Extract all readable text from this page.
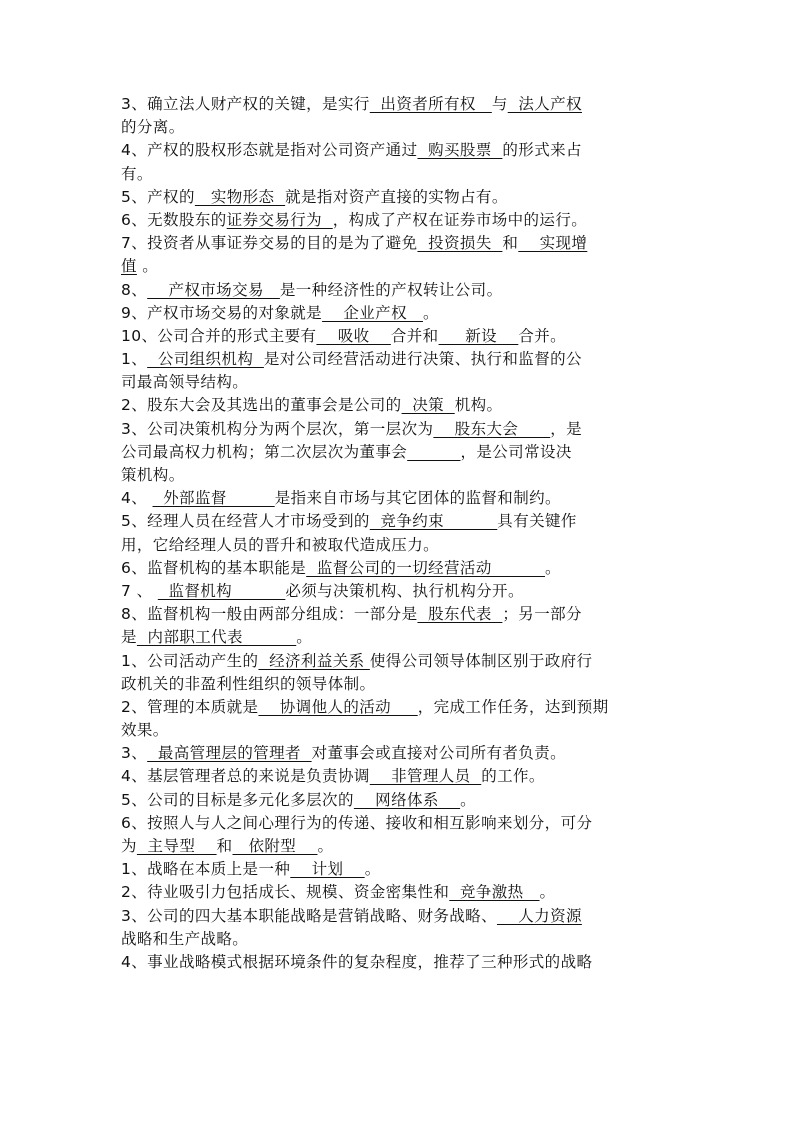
3、确立法人财产权的关键，是实行  出资者所有权   与  法人产权
的分离。
4、产权的股权形态就是指对公司资产通过  购买股票  的形式来占
有。
5、产权的   实物形态  就是指对资产直接的实物占有。
6、无数股东的证券交易行为  ，构成了产权在证券市场中的运行。
7、投资者从事证券交易的目的是为了避免  投资损失  和    实现增
值 。
8、    产权市场交易   是一种经济性的产权转让公司。
9、产权市场交易的对象就是    企业产权   。
10、公司合并的形式主要有    吸收    合并和     新设    合并。
1、  公司组织机构  是对公司经营活动进行决策、执行和监督的公
司最高领导结构。
2、股东大会及其选出的董事会是公司的  决策  机构。
3、公司决策机构分为两个层次，第一层次为    股东大会      ，是
公司最高权力机构；第二次层次为董事会	，是公司常设决
策机构。
4、   外部监督         是指来自市场与其它团体的监督和制约。
5、经理人员在经营人才市场受到的  竞争约束          具有关键作
用，它给经理人员的晋升和被取代造成压力。
6、监督机构的基本职能是  监督公司的一切经营活动          。
7 、   监督机构          必须与决策机构、执行机构分开。
8、监督机构一般由两部分组成：一部分是  股东代表  ；另一部分
是  内部职工代表          。
1、公司活动产生的  经济利益关系 使得公司领导体制区别于政府行
政机关的非盈利性组织的领导体制。
2、管理的本质就是    协调他人的活动     ，完成工作任务，达到预期
效果。
3、  最高管理层的管理者  对董事会或直接对公司所有者负责。
4、基层管理者总的来说是负责协调    非管理人员  的工作。
5、公司的目标是多元化多层次的    网络体系    。
6、按照人与人之间心理行为的传递、接收和相互影响来划分，可分
为  主导型    和   依附型    。
1、战略在本质上是一种    计划    。
2、待业吸引力包括成长、规模、资金密集性和  竞争激热   。
3、公司的四大基本职能战略是营销战略、财务战略、    人力资源
战略和生产战略。
4、事业战略模式根据环境条件的复杂程度，推荐了三种形式的战略
